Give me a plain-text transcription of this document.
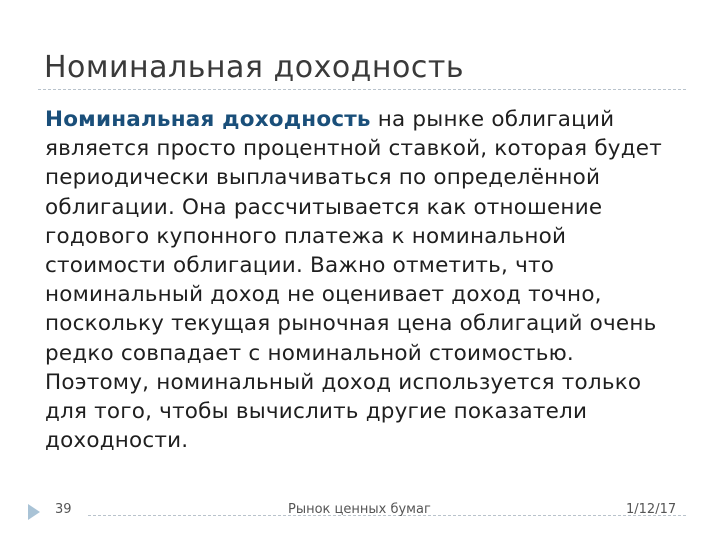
Номинальная доходность
Номинальная доходность на рынке облигаций является просто процентной ставкой, которая будет периодически выплачиваться по определённой облигации. Она рассчитывается как отношение годового купонного платежа к номинальной стоимости облигации. Важно отметить, что номинальный доход не оценивает доход точно, поскольку текущая рыночная цена облигаций очень редко совпадает с номинальной стоимостью. Поэтому, номинальный доход используется только для того, чтобы вычислить другие показатели доходности.
39	Рынок ценных бумаг	1/12/17
